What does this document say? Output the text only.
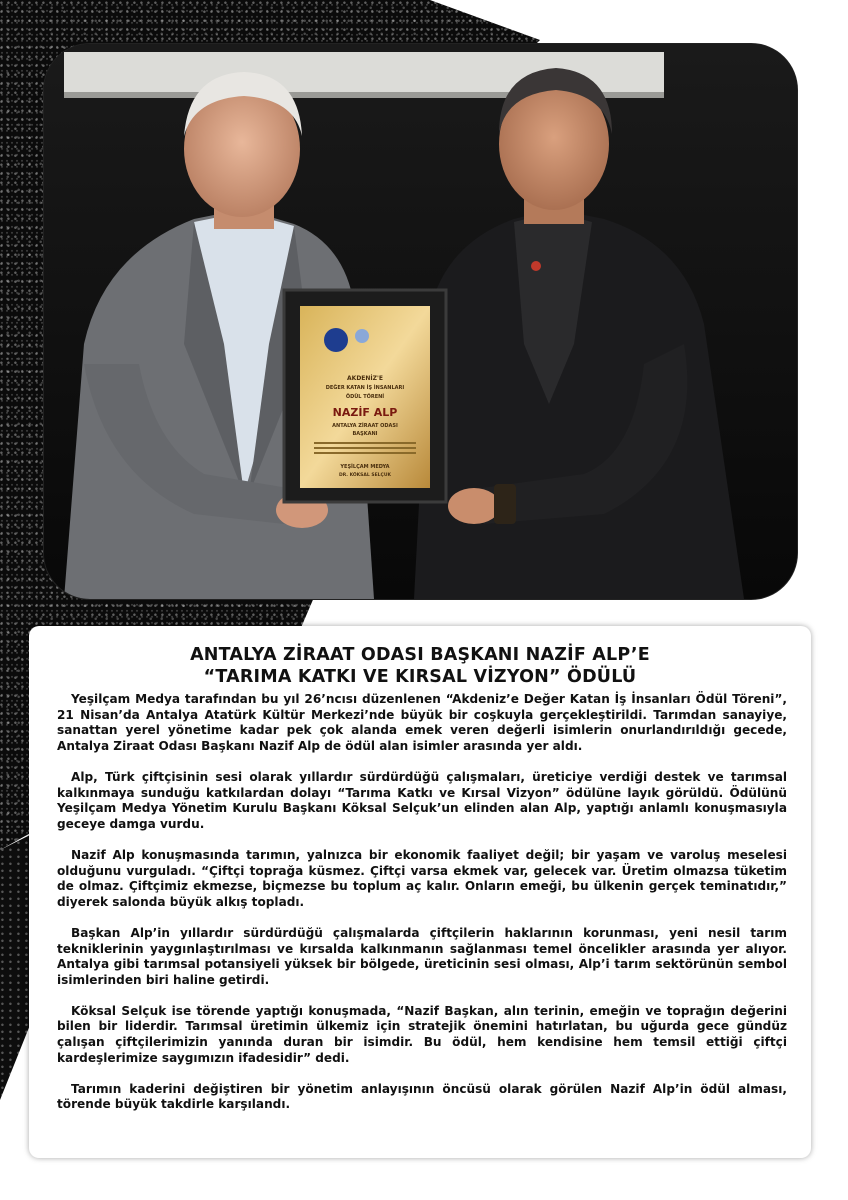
AKDENİZ'E
DEĞER KATAN İŞ İNSANLARI
ÖDÜL TÖRENİ
NAZİF ALP
ANTALYA ZİRAAT ODASI
BAŞKANI
YEŞİLÇAM MEDYA
DR. KÖKSAL SELÇUK
ANTALYA ZİRAAT ODASI BAŞKANI NAZİF ALP’E
“TARIMA KATKI VE KIRSAL VİZYON” ÖDÜLÜ

Yeşilçam Medya tarafından bu yıl 26’ncısı düzenlenen “Akdeniz’e Değer Katan İş İnsanları Ödül Töreni”, 21 Nisan’da Antalya Atatürk Kültür Merkezi’nde büyük bir coşkuyla gerçekleştirildi. Tarımdan sanayiye, sanattan yerel yönetime kadar pek çok alanda emek veren değerli isimlerin onurlandırıldığı gecede, Antalya Ziraat Odası Başkanı Nazif Alp de ödül alan isimler arasında yer aldı.

Alp, Türk çiftçisinin sesi olarak yıllardır sürdürdüğü çalışmaları, üreticiye verdiği destek ve tarımsal kalkınmaya sunduğu katkılardan dolayı “Tarıma Katkı ve Kırsal Vizyon” ödülüne layık görüldü. Ödülünü Yeşilçam Medya Yönetim Kurulu Başkanı Köksal Selçuk’un elinden alan Alp, yaptığı anlamlı konuşmasıyla geceye damga vurdu.

Nazif Alp konuşmasında tarımın, yalnızca bir ekonomik faaliyet değil; bir yaşam ve varoluş meselesi olduğunu vurguladı. “Çiftçi toprağa küsmez. Çiftçi varsa ekmek var, gelecek var. Üretim olmazsa tüketim de olmaz. Çiftçimiz ekmezse, biçmezse bu toplum aç kalır. Onların emeği, bu ülkenin gerçek teminatıdır,” diyerek salonda büyük alkış topladı.

Başkan Alp’in yıllardır sürdürdüğü çalışmalarda çiftçilerin haklarının korunması, yeni nesil tarım tekniklerinin yaygınlaştırılması ve kırsalda kalkınmanın sağlanması temel öncelikler arasında yer alıyor. Antalya gibi tarımsal potansiyeli yüksek bir bölgede, üreticinin sesi olması, Alp’i tarım sektörünün sembol isimlerinden biri haline getirdi.

Köksal Selçuk ise törende yaptığı konuşmada, “Nazif Başkan, alın terinin, emeğin ve toprağın değerini bilen bir liderdir. Tarımsal üretimin ülkemiz için stratejik önemini hatırlatan, bu uğurda gece gündüz çalışan çiftçilerimizin yanında duran bir isimdir. Bu ödül, hem kendisine hem temsil ettiği çiftçi kardeşlerimize saygımızın ifadesidir” dedi.

Tarımın kaderini değiştiren bir yönetim anlayışının öncüsü olarak görülen Nazif Alp’in ödül alması, törende büyük takdirle karşılandı.
